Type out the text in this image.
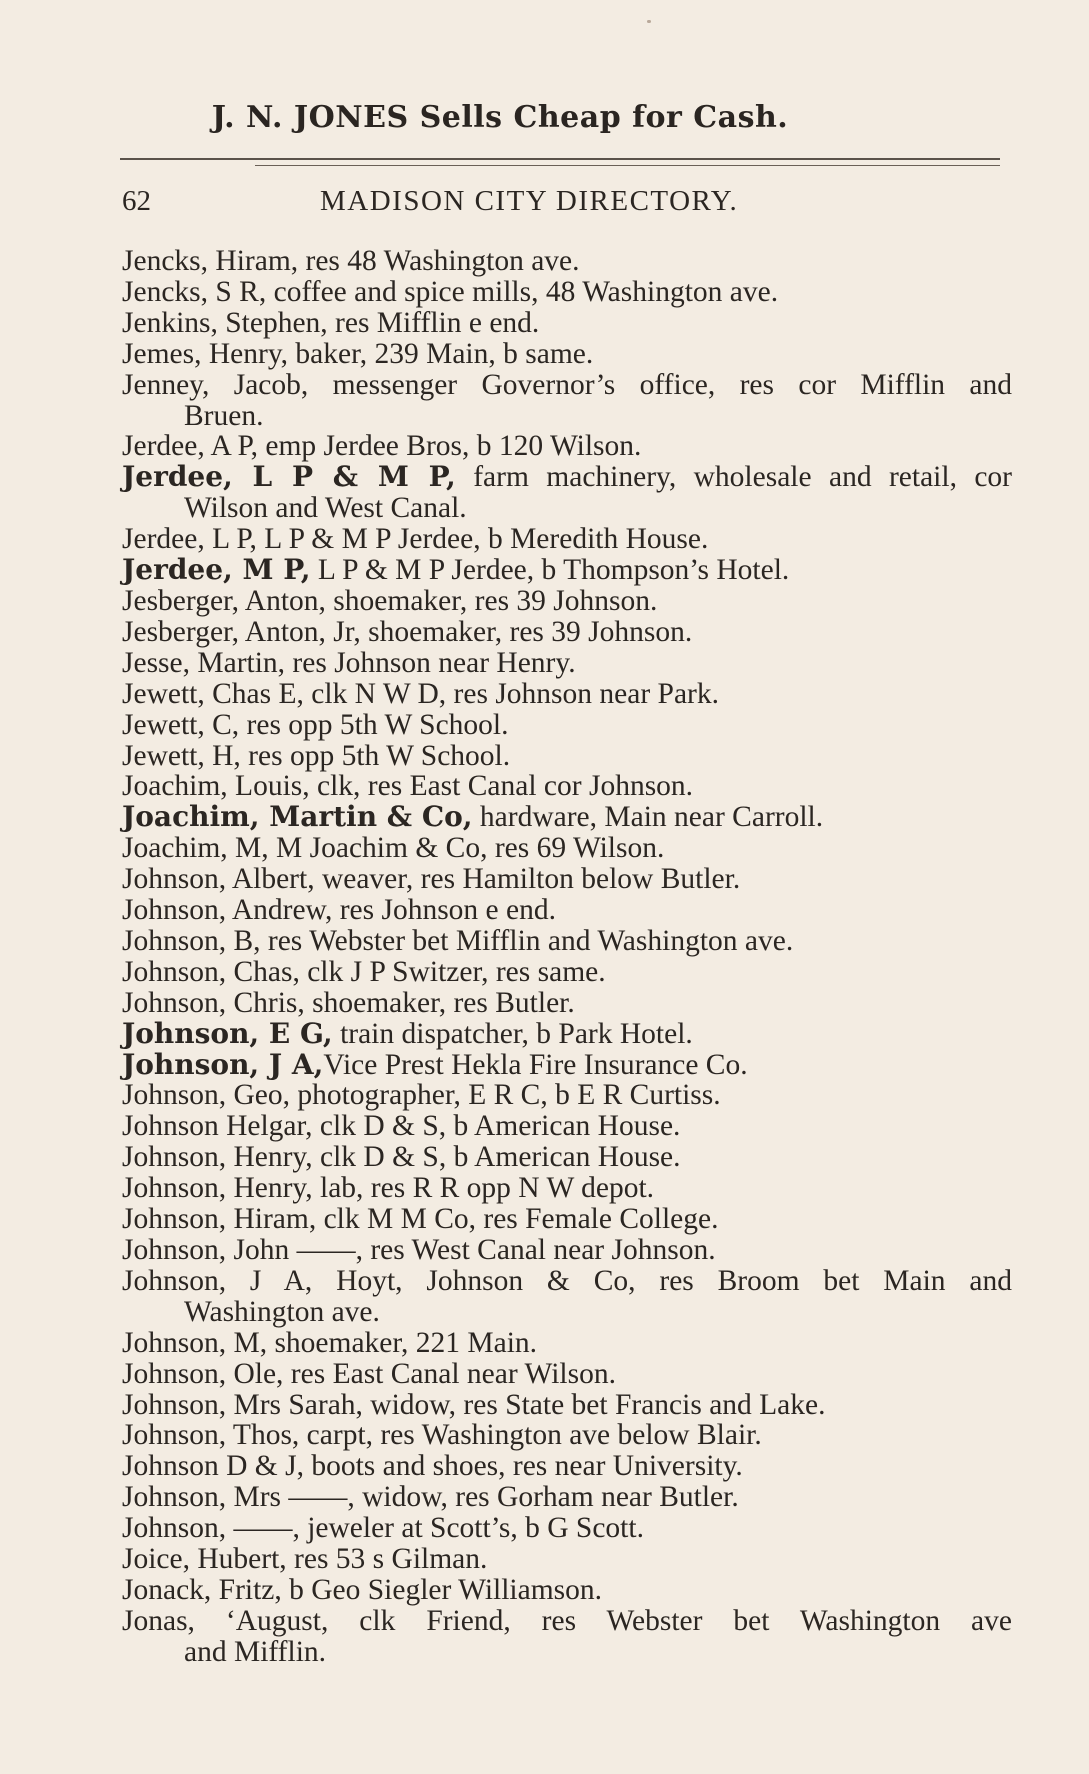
J. N. JONES Sells Cheap for Cash.
62	MADISON CITY DIRECTORY.
Jencks, Hiram, res 48 Washington ave.
Jencks, S R, coffee and spice mills, 48 Washington ave.
Jenkins, Stephen, res Mifflin e end.
Jemes, Henry, baker, 239 Main, b same.
Jenney, Jacob, messenger Governor’s office, res cor Mifflin and
Bruen.
Jerdee, A P, emp Jerdee Bros, b 120 Wilson.
Jerdee, L P & M P, farm machinery, wholesale and retail, cor
Wilson and West Canal.
Jerdee, L P, L P & M P Jerdee, b Meredith House.
Jerdee, M P, L P & M P Jerdee, b Thompson’s Hotel.
Jesberger, Anton, shoemaker, res 39 Johnson.
Jesberger, Anton, Jr, shoemaker, res 39 Johnson.
Jesse, Martin, res Johnson near Henry.
Jewett, Chas E, clk N W D, res Johnson near Park.
Jewett, C, res opp 5th W School.
Jewett, H, res opp 5th W School.
Joachim, Louis, clk, res East Canal cor Johnson.
Joachim, Martin & Co, hardware, Main near Carroll.
Joachim, M, M Joachim & Co, res 69 Wilson.
Johnson, Albert, weaver, res Hamilton below Butler.
Johnson, Andrew, res Johnson e end.
Johnson, B, res Webster bet Mifflin and Washington ave.
Johnson, Chas, clk J P Switzer, res same.
Johnson, Chris, shoemaker, res Butler.
Johnson, E G, train dispatcher, b Park Hotel.
Johnson, J A,Vice Prest Hekla Fire Insurance Co.
Johnson, Geo, photographer, E R C, b E R Curtiss.
Johnson Helgar, clk D & S, b American House.
Johnson, Henry, clk D & S, b American House.
Johnson, Henry, lab, res R R opp N W depot.
Johnson, Hiram, clk M M Co, res Female College.
Johnson, John ——, res West Canal near Johnson.
Johnson, J A, Hoyt, Johnson & Co, res Broom bet Main and
Washington ave.
Johnson, M, shoemaker, 221 Main.
Johnson, Ole, res East Canal near Wilson.
Johnson, Mrs Sarah, widow, res State bet Francis and Lake.
Johnson, Thos, carpt, res Washington ave below Blair.
Johnson D & J, boots and shoes, res near University.
Johnson, Mrs ——, widow, res Gorham near Butler.
Johnson, ——, jeweler at Scott’s, b G Scott.
Joice, Hubert, res 53 s Gilman.
Jonack, Fritz, b Geo Siegler Williamson.
Jonas, ‘August, clk Friend, res Webster bet Washington ave
and Mifflin.
